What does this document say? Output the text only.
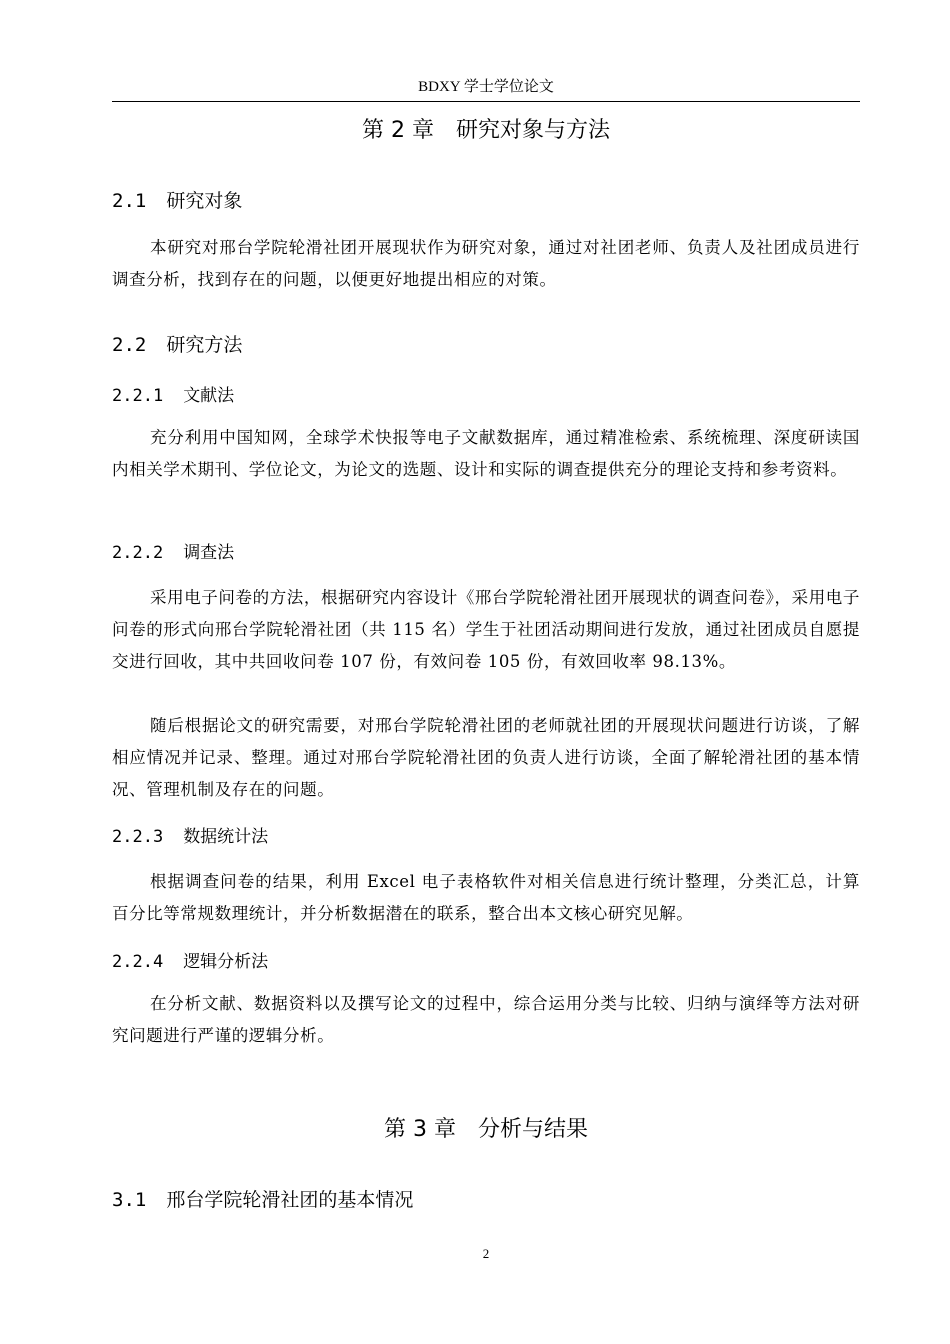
BDXY 学士学位论文
第 2 章 研究对象与方法
2.1 研究对象

本研究对邢台学院轮滑社团开展现状作为研究对象，通过对社团老师、负责人及社团成员进行调查分析，找到存在的问题，以便更好地提出相应的对策。

2.2 研究方法
2.2.1 文献法

充分利用中国知网，全球学术快报等电子文献数据库，通过精准检索、系统梳理、深度研读国内相关学术期刊、学位论文，为论文的选题、设计和实际的调查提供充分的理论支持和参考资料。

2.2.2 调查法

采用电子问卷的方法，根据研究内容设计《邢台学院轮滑社团开展现状的调查问卷》，采用电子问卷的形式向邢台学院轮滑社团（共 115 名）学生于社团活动期间进行发放，通过社团成员自愿提交进行回收，其中共回收问卷 107 份，有效问卷 105 份，有效回收率 98.13%。

随后根据论文的研究需要，对邢台学院轮滑社团的老师就社团的开展现状问题进行访谈，了解相应情况并记录、整理。通过对邢台学院轮滑社团的负责人进行访谈，全面了解轮滑社团的基本情况、管理机制及存在的问题。

2.2.3 数据统计法

根据调查问卷的结果，利用 Excel 电子表格软件对相关信息进行统计整理，分类汇总，计算百分比等常规数理统计，并分析数据潜在的联系，整合出本文核心研究见解。

2.2.4 逻辑分析法

在分析文献、数据资料以及撰写论文的过程中，综合运用分类与比较、归纳与演绎等方法对研究问题进行严谨的逻辑分析。

第 3 章 分析与结果
3.1 邢台学院轮滑社团的基本情况
2
